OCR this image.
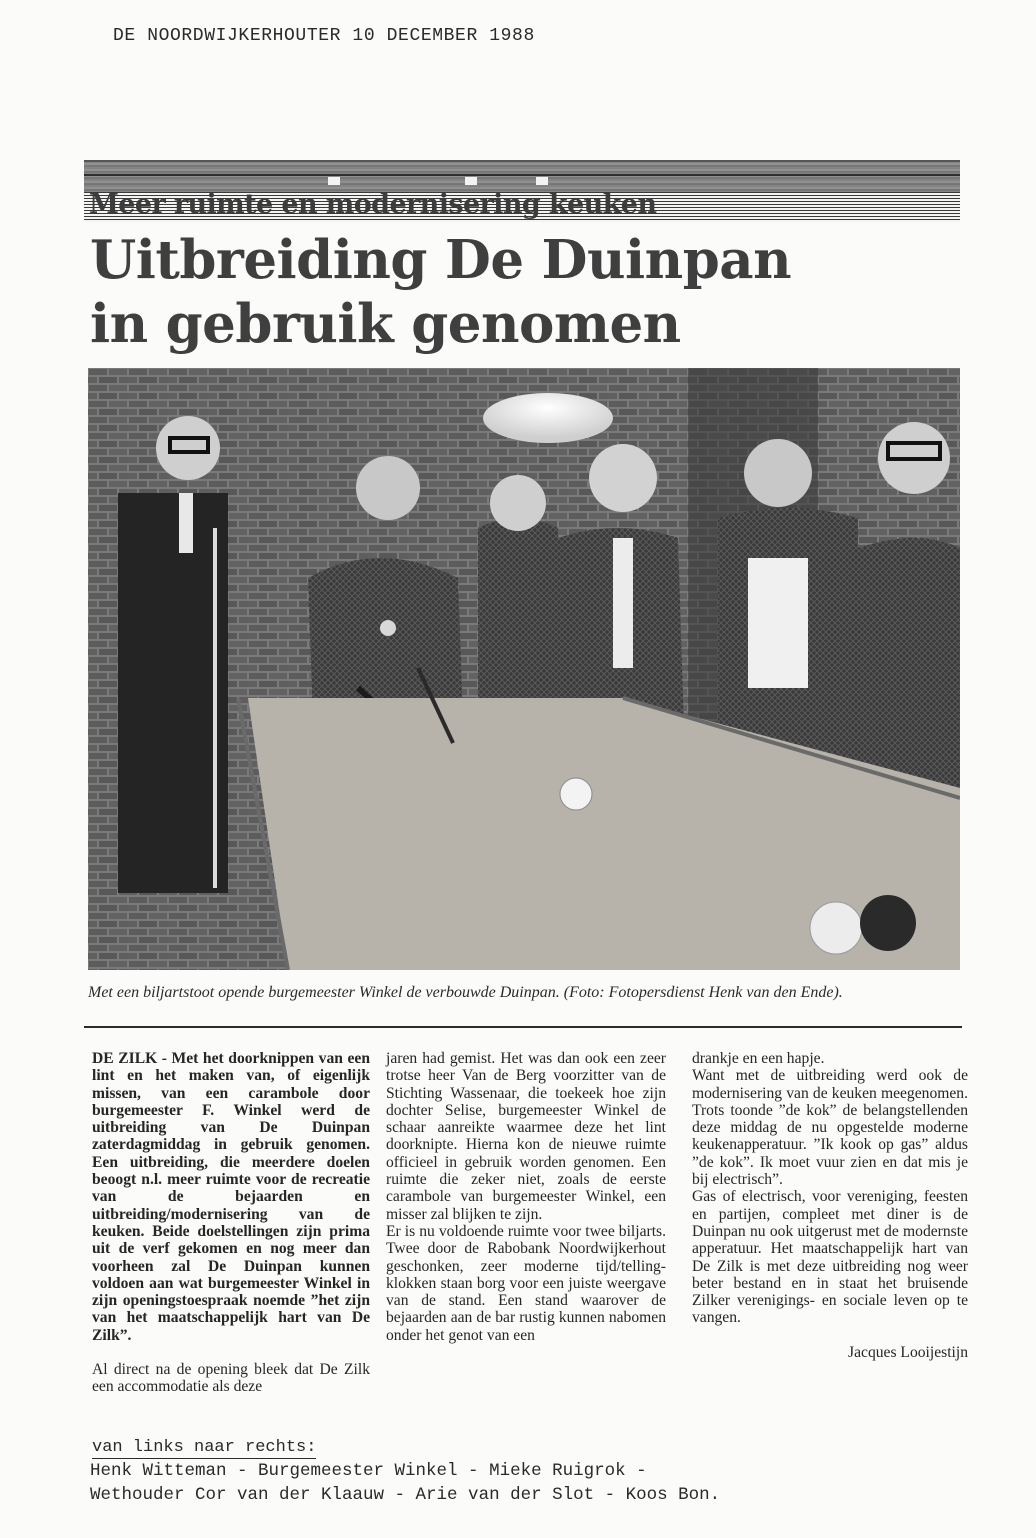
DE NOORDWIJKERHOUTER 10 DECEMBER 1988
Meer ruimte en modernisering keuken
Uitbreiding De Duinpan
in gebruik genomen
Met een biljartstoot opende burgemeester Winkel de verbouwde Duinpan. (Foto: Fotopersdienst Henk van den Ende).

DE ZILK - Met het doorknippen van een lint en het maken van, of eigenlijk missen, van een carambole door burgemeester F. Winkel werd de uitbreiding van De Duinpan zaterdagmiddag in gebruik genomen. Een uitbreiding, die meerdere doelen beoogt n.l. meer ruimte voor de recreatie van de bejaarden en uitbreiding/modernisering van de keuken. Beide doelstellingen zijn prima uit de verf gekomen en nog meer dan voorheen zal De Duinpan kunnen voldoen aan wat burgemeester Winkel in zijn openingstoespraak noemde ”het zijn van het maatschappelijk hart van De Zilk”.

Al direct na de opening bleek dat De Zilk een accommodatie als deze

jaren had gemist. Het was dan ook een zeer trotse heer Van de Berg voorzitter van de Stichting Wassenaar, die toekeek hoe zijn dochter Selise, burgemeester Winkel de schaar aanreikte waarmee deze het lint doorknipte. Hierna kon de nieuwe ruimte officieel in gebruik worden genomen. Een ruimte die zeker niet, zoals de eerste carambole van burgemeester Winkel, een misser zal blijken te zijn.

Er is nu voldoende ruimte voor twee biljarts. Twee door de Rabobank Noordwijkerhout geschonken, zeer moderne tijd/telling-klokken staan borg voor een juiste weergave van de stand. Een stand waarover de bejaarden aan de bar rustig kunnen nabomen onder het genot van een

drankje en een hapje.

Want met de uitbreiding werd ook de modernisering van de keuken meegenomen. Trots toonde ”de kok” de belangstellenden deze middag de nu opgestelde moderne keukenapperatuur. ”Ik kook op gas” aldus ”de kok”. Ik moet vuur zien en dat mis je bij electrisch”.

Gas of electrisch, voor vereniging, feesten en partijen, compleet met diner is de Duinpan nu ook uitgerust met de modernste apperatuur. Het maatschappelijk hart van De Zilk is met deze uitbreiding nog weer beter bestand en in staat het bruisende Zilker verenigings- en sociale leven op te vangen.

Jacques Looijestijn

van links naar rechts:
Henk Witteman - Burgemeester Winkel - Mieke Ruigrok -
Wethouder Cor van der Klaauw - Arie van der Slot - Koos Bon.
